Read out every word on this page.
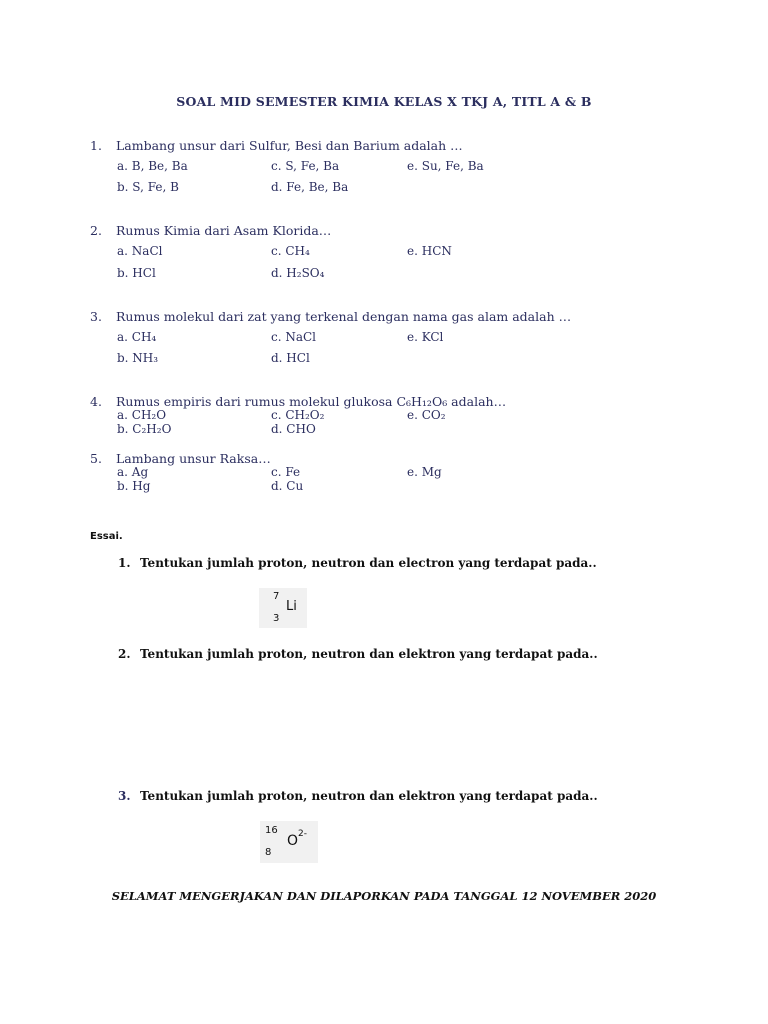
SOAL MID SEMESTER KIMIA KELAS X TKJ A, TITL A & B
1. Lambang unsur dari Sulfur, Besi dan Barium adalah …
a. B, Be, Ba	c. S, Fe, Ba	e. Su, Fe, Ba
b. S, Fe, B	d. Fe, Be, Ba
2. Rumus Kimia dari Asam Klorida…
a. NaCl	c. CH₄	e. HCN
b. HCl	d. H₂SO₄
3. Rumus molekul dari zat yang terkenal dengan nama gas alam adalah …
a. CH₄	c. NaCl	e. KCl
b. NH₃	d. HCl
4. Rumus empiris dari rumus molekul glukosa C₆H₁₂O₆ adalah…
a. CH₂O	c. CH₂O₂	e. CO₂
b. C₂H₂O	d. CHO
5. Lambang unsur Raksa…
a. Ag	c. Fe	e. Mg
b. Hg	d. Cu
Essai.
1. Tentukan jumlah proton, neutron dan electron yang terdapat pada..
7
3
Li
2. Tentukan jumlah proton, neutron dan elektron yang terdapat pada..
3. Tentukan jumlah proton, neutron dan elektron yang terdapat pada..
16
8
O 2-
SELAMAT MENGERJAKAN DAN DILAPORKAN PADA TANGGAL 12 NOVEMBER 2020
